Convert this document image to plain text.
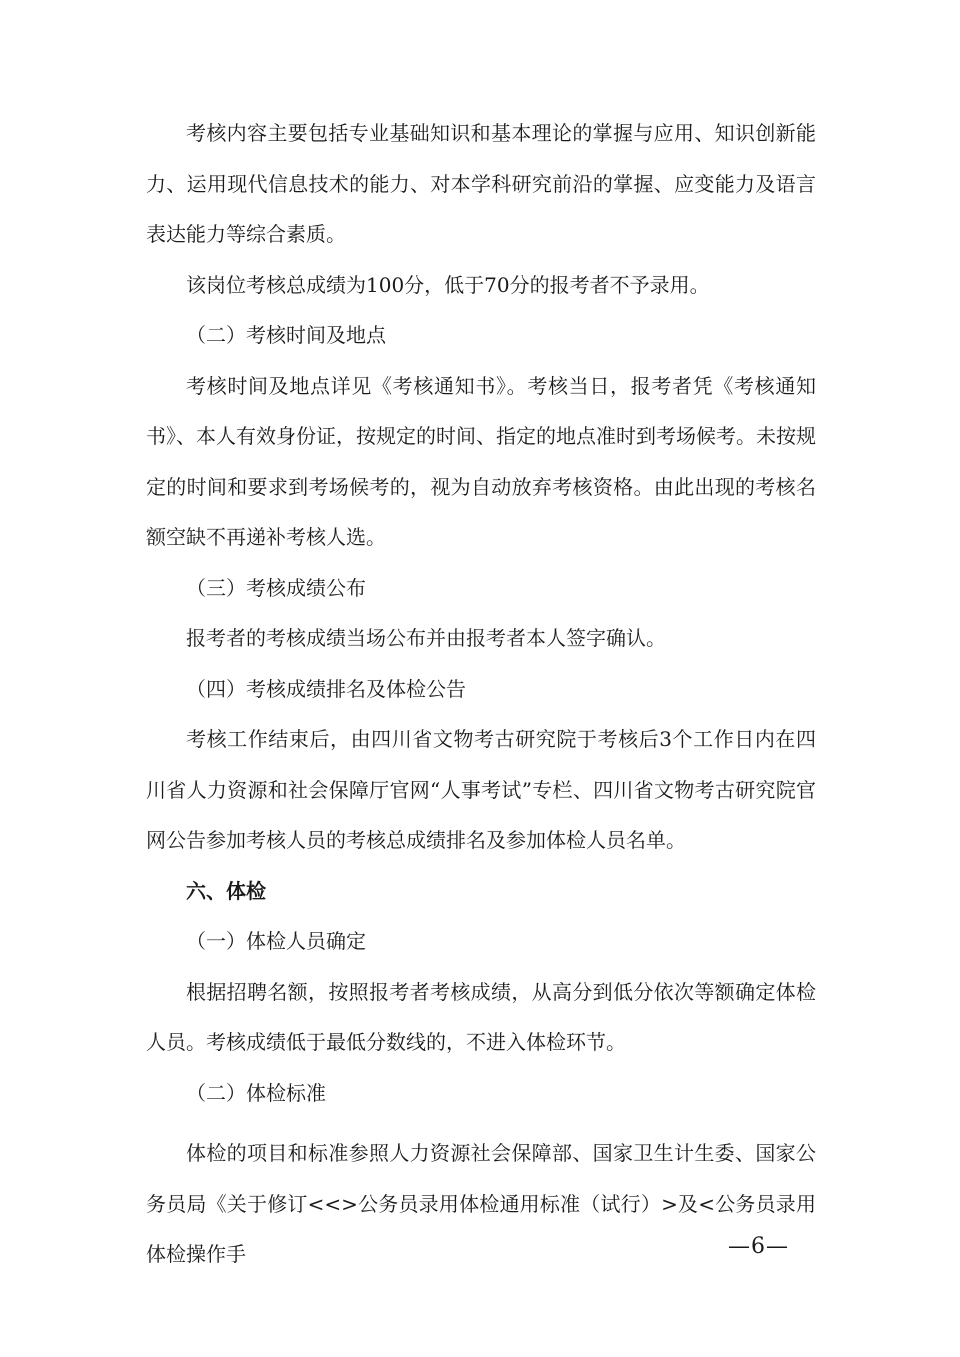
考核内容主要包括专业基础知识和基本理论的掌握与应用、知识创新能力、运用现代信息技术的能力、对本学科研究前沿的掌握、应变能力及语言表达能力等综合素质。

该岗位考核总成绩为100分，低于70分的报考者不予录用。

（二）考核时间及地点

考核时间及地点详见《考核通知书》。考核当日，报考者凭《考核通知书》、本人有效身份证，按规定的时间、指定的地点准时到考场候考。未按规定的时间和要求到考场候考的，视为自动放弃考核资格。由此出现的考核名额空缺不再递补考核人选。

（三）考核成绩公布

报考者的考核成绩当场公布并由报考者本人签字确认。

（四）考核成绩排名及体检公告

考核工作结束后，由四川省文物考古研究院于考核后3个工作日内在四川省人力资源和社会保障厅官网“人事考试”专栏、四川省文物考古研究院官网公告参加考核人员的考核总成绩排名及参加体检人员名单。

六、体检

（一）体检人员确定

根据招聘名额，按照报考者考核成绩，从高分到低分依次等额确定体检人员。考核成绩低于最低分数线的，不进入体检环节。

（二）体检标准

体检的项目和标准参照人力资源社会保障部、国家卫生计生委、国家公务员局《关于修订<<>公务员录用体检通用标准（试行）>及<公务员录用体检操作手	—6—
